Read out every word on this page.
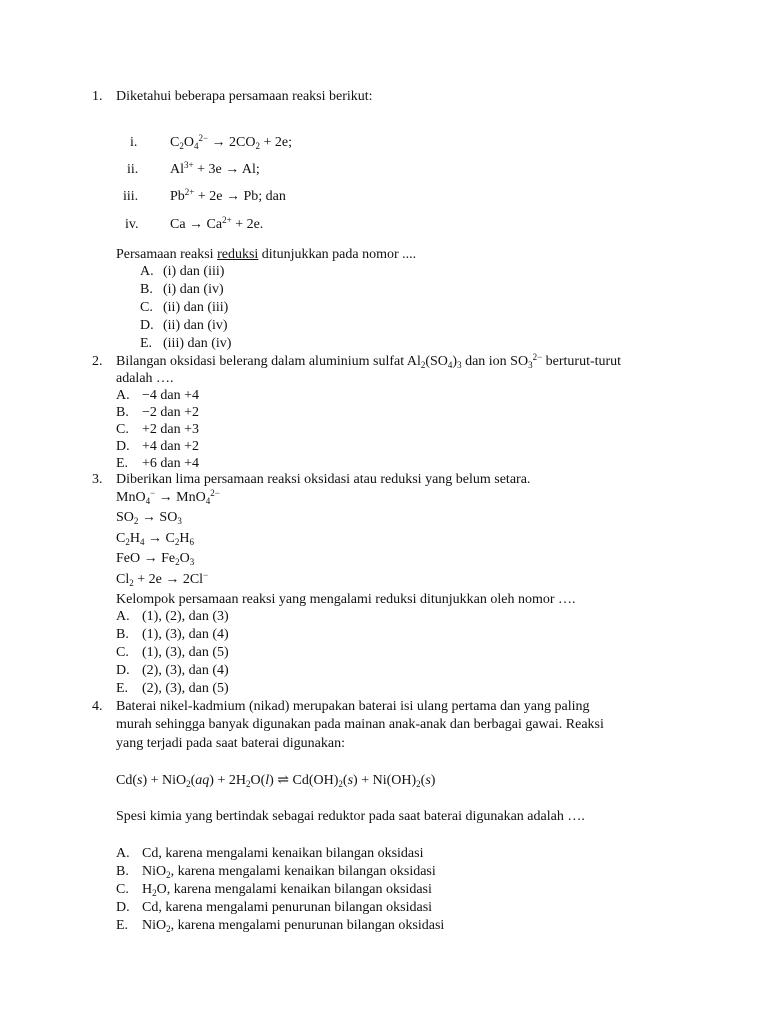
1. Diketahui beberapa persamaan reaksi berikut:
i. $C_2O_4^{2-} \to 2CO_2 + 2e$;
ii. $Al^{3+} + 3e \to Al$;
iii. $Pb^{2+} + 2e \to Pb$; dan
iv. $Ca \to Ca^{2+} + 2e$.
Persamaan reaksi reduksi ditunjukkan pada nomor ....
A. (i) dan (iii)
B. (i) dan (iv)
C. (ii) dan (iii)
D. (ii) dan (iv)
E. (iii) dan (iv)
2. Bilangan oksidasi belerang dalam aluminium sulfat $Al_2(SO_4)_3$ dan ion $SO_3^{2-}$ berturut-turut
adalah ….
A. −4 dan +4
B. −2 dan +2
C. +2 dan +3
D. +4 dan +2
E. +6 dan +4
3. Diberikan lima persamaan reaksi oksidasi atau reduksi yang belum setara.
MnO$_4$− → MnO$_4^{2-}$
$SO_2 \to SO_3$
$C_2H_4 \to C_2H_6$
FeO → $Fe_2O_3$
$Cl_2 + 2e \to 2Cl^-$
Kelompok persamaan reaksi yang mengalami reduksi ditunjukkan oleh nomor ….
A. (1), (2), dan (3)
B. (1), (3), dan (4)
C. (1), (3), dan (5)
D. (2), (3), dan (4)
E. (2), (3), dan (5)
4. Baterai nikel-kadmium (nikad) merupakan baterai isi ulang pertama dan yang paling
murah sehingga banyak digunakan pada mainan anak-anak dan berbagai gawai. Reaksi
yang terjadi pada saat baterai digunakan:
$Cd(s) + NiO_2(aq) + 2H_2O(l)$ ⇌ $Cd(OH)_2(s) + Ni(OH)_2(s)$
Spesi kimia yang bertindak sebagai reduktor pada saat baterai digunakan adalah ….
A. Cd, karena mengalami kenaikan bilangan oksidasi
B. NiO$_2$, karena mengalami kenaikan bilangan oksidasi
C. $H_2O$, karena mengalami kenaikan bilangan oksidasi
D. Cd, karena mengalami penurunan bilangan oksidasi
E. NiO$_2$, karena mengalami penurunan bilangan oksidasi
